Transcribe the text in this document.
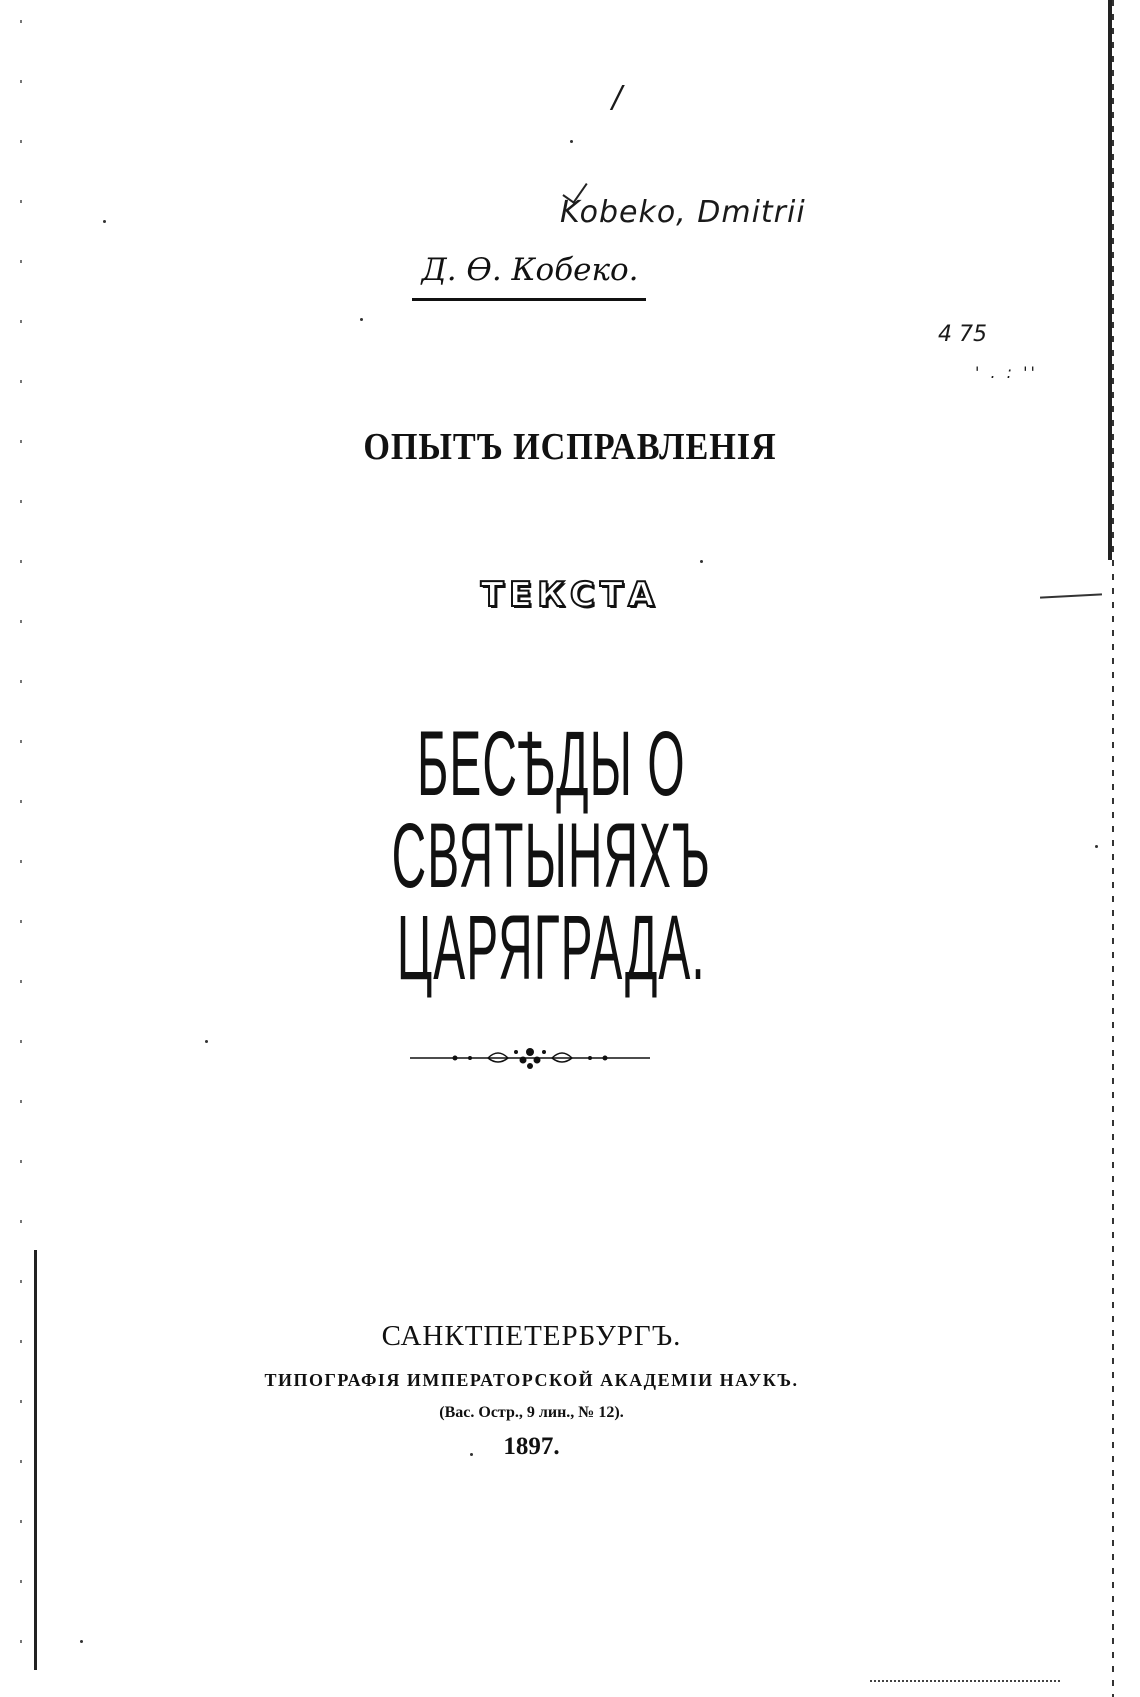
/
Kobeko, Dmitrii
4 75
' . : ''
Д. Ѳ. Кобеко.
ОПЫТЪ ИСПРАВЛЕНІЯ
ТЕКСТА
БЕСѢДЫ О СВЯТЫНЯХЪ ЦАРЯГРАДА.
САНКТПЕТЕРБУРГЪ.
ТИПОГРАФІЯ ИМПЕРАТОРСКОЙ АКАДЕМІИ НАУКЪ.
(Вас. Остр., 9 лин., № 12).
1897.
